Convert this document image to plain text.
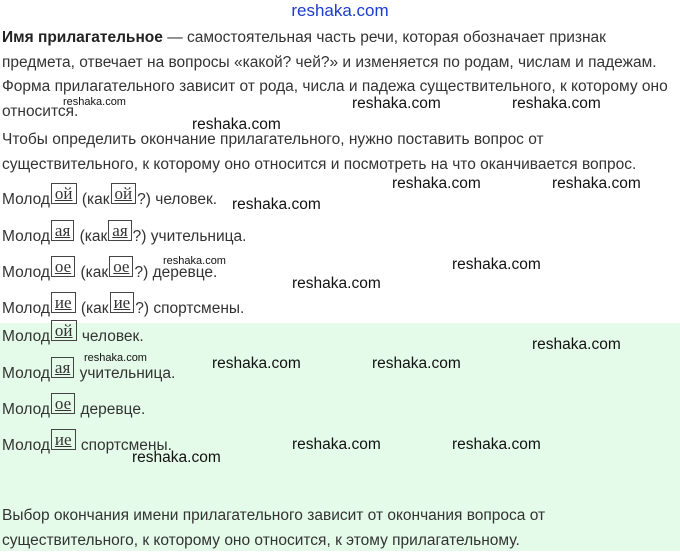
reshaka.com
Имя прилагательное — самостоятельная часть речи, которая обозначает признак предмета, отвечает на вопросы «какой? чей?» и изменяется по родам, числам и падежам. Форма прилагательного зависит от рода, числа и падежа существительного, к которому оно относится.
Чтобы определить окончание прилагательного, нужно поставить вопрос от существительного, к которому оно относится и посмотреть на что оканчивается вопрос.
Молод ой (как ой ?) человек.
Молод ая (как ая ?) учительница.
Молод ое (как ое ?) деревце.
Молод ие (как ие ?) спортсмены.
Молод ой человек.
Молод ая учительница.
Молод ое деревце.
Молод ие спортсмены.
Выбор окончания имени прилагательного зависит от окончания вопроса от существительного, к которому оно относится, к этому прилагательному.
reshaka.com	reshaka.com	reshaka.com
reshaka.com
reshaka.com	reshaka.com
reshaka.com
reshaka.com	reshaka.com
reshaka.com
reshaka.com
reshaka.com	reshaka.com	reshaka.com
reshaka.com	reshaka.com
reshaka.com
